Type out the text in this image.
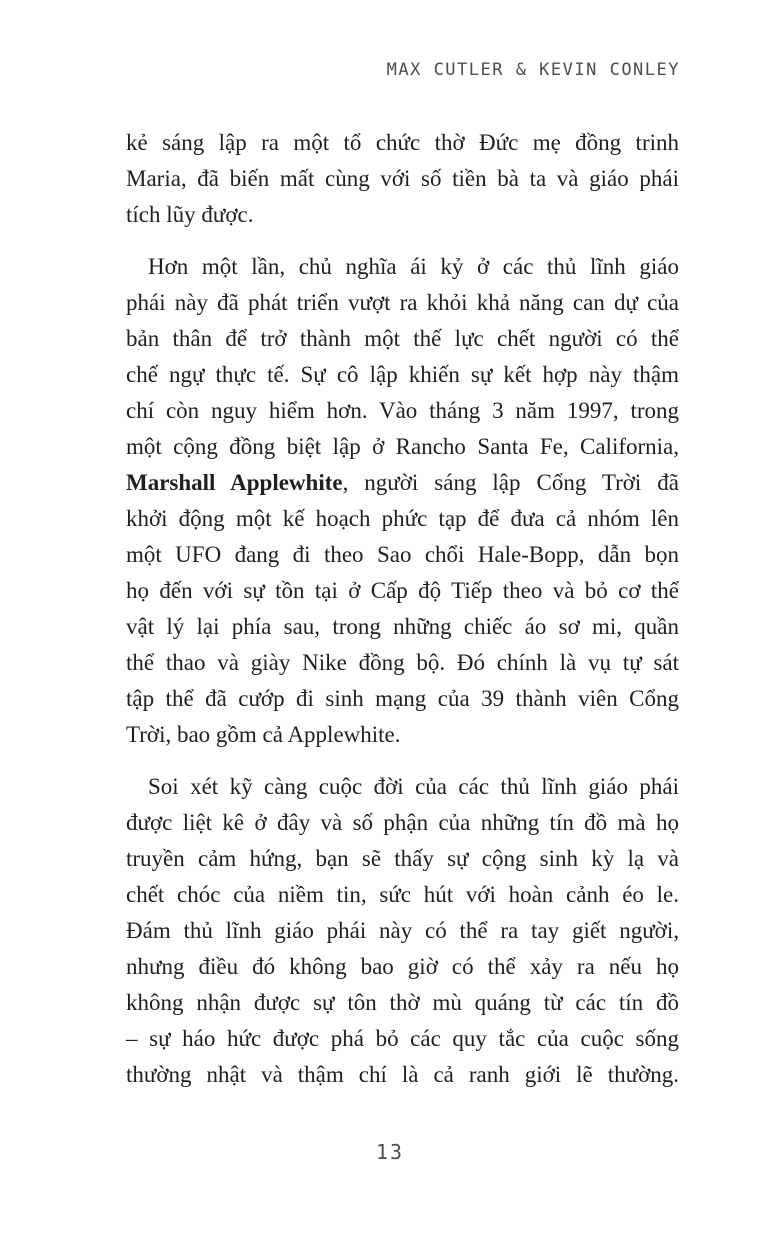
MAX CUTLER & KEVIN CONLEY
kẻ sáng lập ra một tổ chức thờ Đức mẹ đồng trinh
Maria, đã biến mất cùng với số tiền bà ta và giáo phái
tích lũy được.
Hơn một lần, chủ nghĩa ái kỷ ở các thủ lĩnh giáo
phái này đã phát triển vượt ra khỏi khả năng can dự của
bản thân để trở thành một thế lực chết người có thể
chế ngự thực tế. Sự cô lập khiến sự kết hợp này thậm
chí còn nguy hiểm hơn. Vào tháng 3 năm 1997, trong
một cộng đồng biệt lập ở Rancho Santa Fe, California,
Marshall Applewhite, người sáng lập Cổng Trời đã
khởi động một kế hoạch phức tạp để đưa cả nhóm lên
một UFO đang đi theo Sao chổi Hale-Bopp, dẫn bọn
họ đến với sự tồn tại ở Cấp độ Tiếp theo và bỏ cơ thể
vật lý lại phía sau, trong những chiếc áo sơ mi, quần
thể thao và giày Nike đồng bộ. Đó chính là vụ tự sát
tập thể đã cướp đi sinh mạng của 39 thành viên Cổng
Trời, bao gồm cả Applewhite.
Soi xét kỹ càng cuộc đời của các thủ lĩnh giáo phái
được liệt kê ở đây và số phận của những tín đồ mà họ
truyền cảm hứng, bạn sẽ thấy sự cộng sinh kỳ lạ và
chết chóc của niềm tin, sức hút với hoàn cảnh éo le.
Đám thủ lĩnh giáo phái này có thể ra tay giết người,
nhưng điều đó không bao giờ có thể xảy ra nếu họ
không nhận được sự tôn thờ mù quáng từ các tín đồ
– sự háo hức được phá bỏ các quy tắc của cuộc sống
thường nhật và thậm chí là cả ranh giới lẽ thường.
13
